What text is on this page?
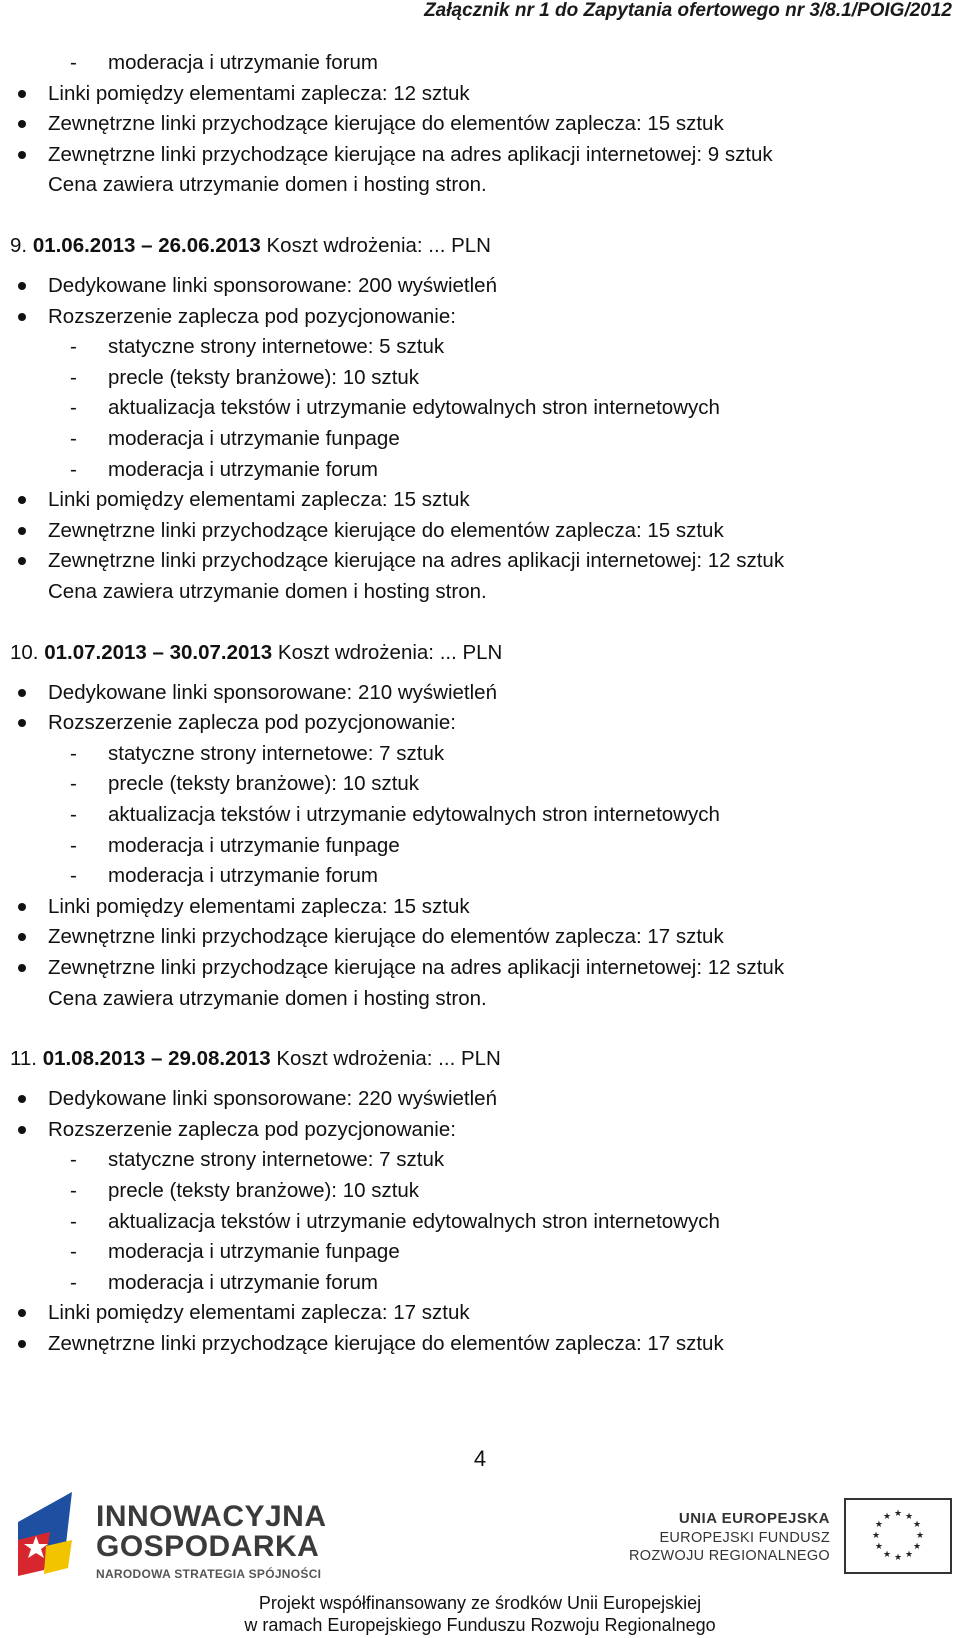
Załącznik nr 1 do Zapytania ofertowego nr 3/8.1/POIG/2012
- moderacja i utrzymanie forum
Linki pomiędzy elementami zaplecza: 12 sztuk
Zewnętrzne linki przychodzące kierujące do elementów zaplecza: 15 sztuk
Zewnętrzne linki przychodzące kierujące na adres aplikacji internetowej: 9 sztuk
Cena zawiera utrzymanie domen i hosting stron.
9. 01.06.2013 – 26.06.2013 Koszt wdrożenia: ... PLN
Dedykowane linki sponsorowane: 200 wyświetleń
Rozszerzenie zaplecza pod pozycjonowanie:
- statyczne strony internetowe: 5 sztuk
- precle (teksty branżowe): 10 sztuk
- aktualizacja tekstów i utrzymanie edytowalnych stron internetowych
- moderacja i utrzymanie funpage
- moderacja i utrzymanie forum
Linki pomiędzy elementami zaplecza: 15 sztuk
Zewnętrzne linki przychodzące kierujące do elementów zaplecza: 15 sztuk
Zewnętrzne linki przychodzące kierujące na adres aplikacji internetowej: 12 sztuk
Cena zawiera utrzymanie domen i hosting stron.
10. 01.07.2013 – 30.07.2013 Koszt wdrożenia: ... PLN
Dedykowane linki sponsorowane: 210 wyświetleń
Rozszerzenie zaplecza pod pozycjonowanie:
- statyczne strony internetowe: 7 sztuk
- precle (teksty branżowe): 10 sztuk
- aktualizacja tekstów i utrzymanie edytowalnych stron internetowych
- moderacja i utrzymanie funpage
- moderacja i utrzymanie forum
Linki pomiędzy elementami zaplecza: 15 sztuk
Zewnętrzne linki przychodzące kierujące do elementów zaplecza: 17 sztuk
Zewnętrzne linki przychodzące kierujące na adres aplikacji internetowej: 12 sztuk
Cena zawiera utrzymanie domen i hosting stron.
11. 01.08.2013 – 29.08.2013 Koszt wdrożenia: ... PLN
Dedykowane linki sponsorowane: 220 wyświetleń
Rozszerzenie zaplecza pod pozycjonowanie:
- statyczne strony internetowe: 7 sztuk
- precle (teksty branżowe): 10 sztuk
- aktualizacja tekstów i utrzymanie edytowalnych stron internetowych
- moderacja i utrzymanie funpage
- moderacja i utrzymanie forum
Linki pomiędzy elementami zaplecza: 17 sztuk
Zewnętrzne linki przychodzące kierujące do elementów zaplecza: 17 sztuk
4
INNOWACYJNA
GOSPODARKA
NARODOWA STRATEGIA SPÓJNOŚCI
UNIA EUROPEJSKA
EUROPEJSKI FUNDUSZ
ROZWOJU REGIONALNEGO
★ ★
★
★
★
★
★
★
★
★
★
★
Projekt współfinansowany ze środków Unii Europejskiej
w ramach Europejskiego Funduszu Rozwoju Regionalnego
